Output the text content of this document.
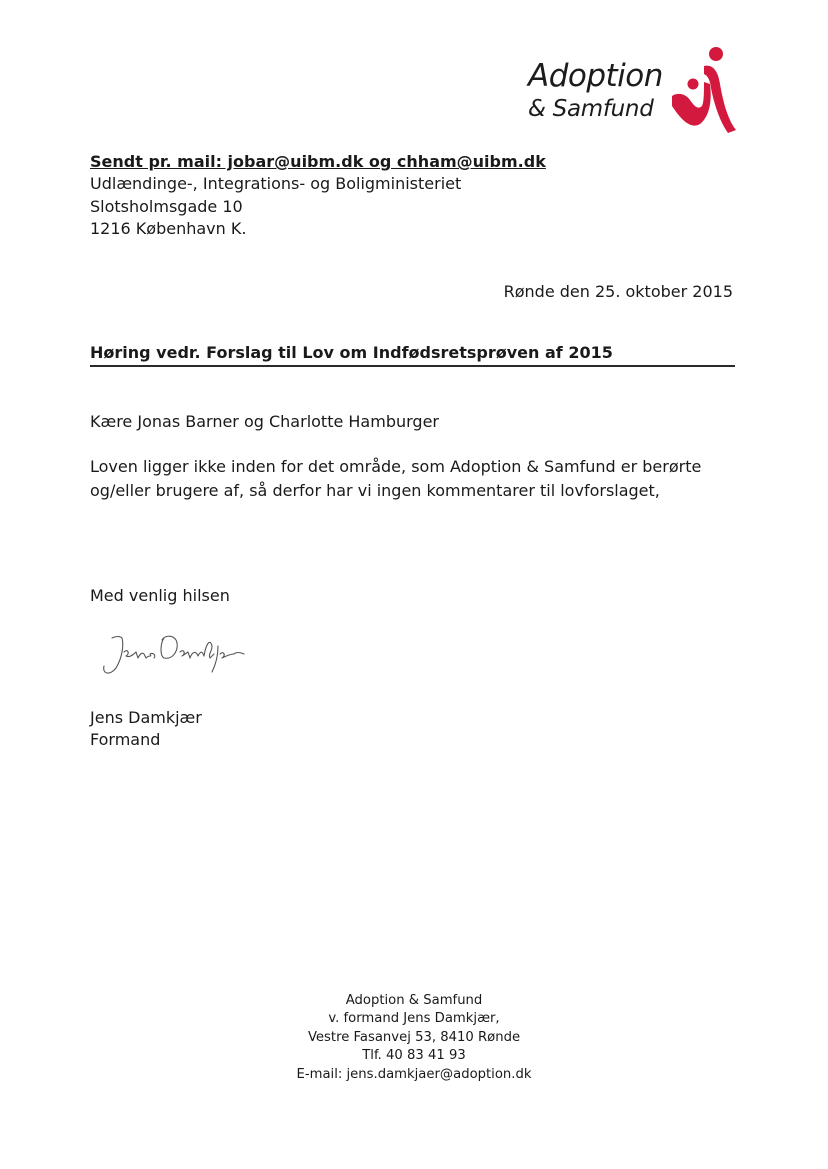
Adoption
& Samfund
Sendt pr. mail: jobar@uibm.dk og chham@uibm.dk
Udlændinge-, Integrations- og Boligministeriet
Slotsholmsgade 10
1216 København K.
Rønde den 25. oktober 2015
Høring vedr. Forslag til Lov om Indfødsretsprøven af 2015
Kære Jonas Barner og Charlotte Hamburger
Loven ligger ikke inden for det område, som Adoption & Samfund er berørte
og/eller brugere af, så derfor har vi ingen kommentarer til lovforslaget,
Med venlig hilsen
Jens Damkjær
Formand
Adoption & Samfund
v. formand Jens Damkjær,
Vestre Fasanvej 53, 8410 Rønde
Tlf. 40 83 41 93
E-mail: jens.damkjaer@adoption.dk
